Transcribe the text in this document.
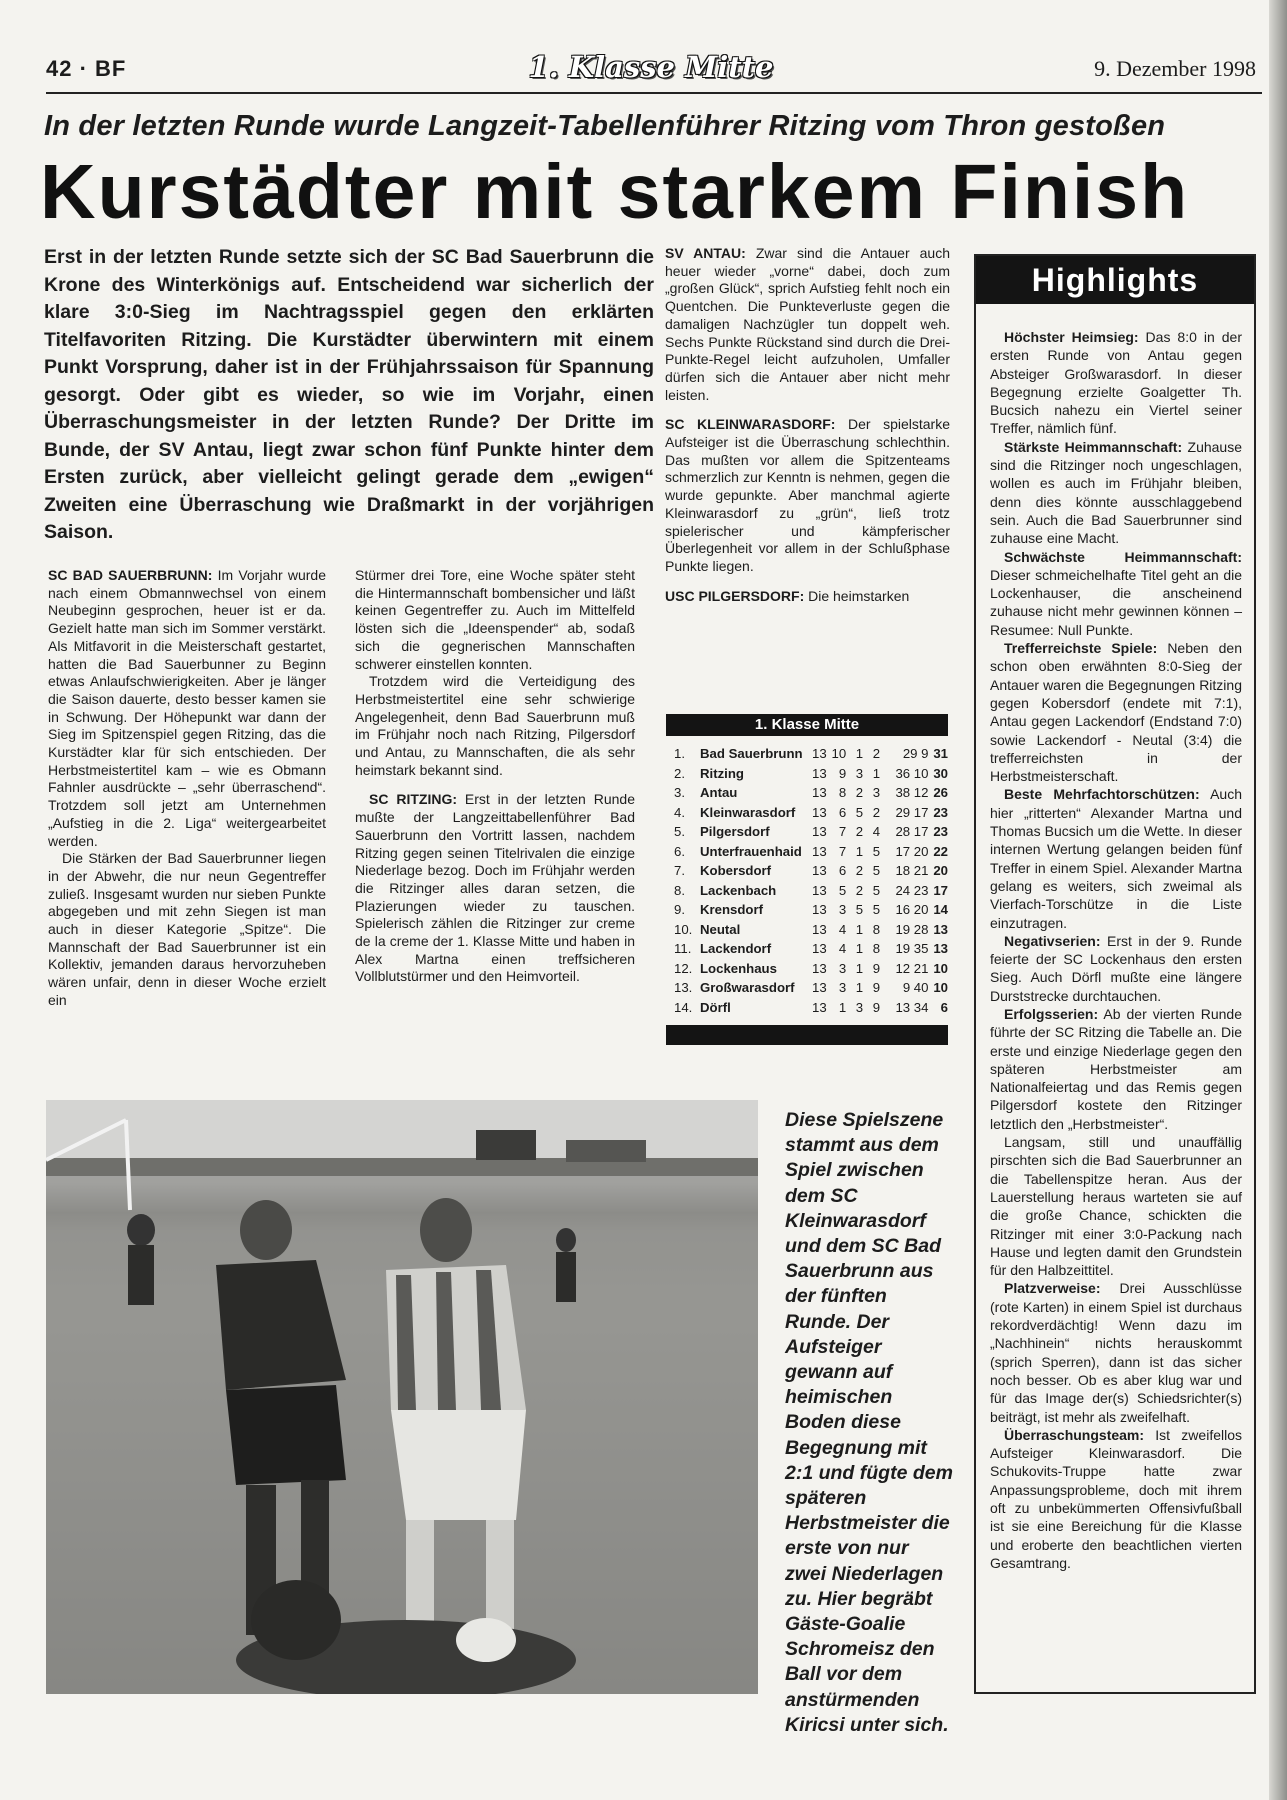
42 · BF	1. Klasse Mitte	9. Dezember 1998
In der letzten Runde wurde Langzeit-Tabellenführer Ritzing vom Thron gestoßen
Kurstädter mit starkem Finish
Erst in der letzten Runde setzte sich der SC Bad Sauerbrunn die Krone des Winterkönigs auf. Entscheidend war sicherlich der klare 3:0-Sieg im Nachtragsspiel gegen den erklärten Titelfavoriten Ritzing. Die Kurstädter überwintern mit einem Punkt Vorsprung, daher ist in der Frühjahrssaison für Spannung gesorgt. Oder gibt es wieder, so wie im Vorjahr, einen Überraschungsmeister in der letzten Runde? Der Dritte im Bunde, der SV Antau, liegt zwar schon fünf Punkte hinter dem Ersten zurück, aber vielleicht gelingt gerade dem „ewigen“ Zweiten eine Überraschung wie Draßmarkt in der vorjährigen Saison.

SC BAD SAUERBRUNN: Im Vorjahr wurde nach einem Obmannwechsel von einem Neubeginn gesprochen, heuer ist er da. Gezielt hatte man sich im Sommer verstärkt. Als Mitfavorit in die Meisterschaft gestartet, hatten die Bad Sauerbunner zu Beginn etwas Anlaufschwierigkeiten. Aber je länger die Saison dauerte, desto besser kamen sie in Schwung. Der Höhepunkt war dann der Sieg im Spitzenspiel gegen Ritzing, das die Kurstädter klar für sich entschieden. Der Herbstmeistertitel kam – wie es Obmann Fahnler ausdrückte – „sehr überraschend“. Trotzdem soll jetzt am Unternehmen „Aufstieg in die 2. Liga“ weitergearbeitet werden.

Die Stärken der Bad Sauerbrunner liegen in der Abwehr, die nur neun Gegentreffer zuließ. Insgesamt wurden nur sieben Punkte abgegeben und mit zehn Siegen ist man auch in dieser Kategorie „Spitze“. Die Mannschaft der Bad Sauerbrunner ist ein Kollektiv, jemanden daraus hervorzuheben wären unfair, denn in dieser Woche erzielt ein

Stürmer drei Tore, eine Woche später steht die Hintermannschaft bombensicher und läßt keinen Gegentreffer zu. Auch im Mittelfeld lösten sich die „Ideenspender“ ab, sodaß sich die gegnerischen Mannschaften schwerer einstellen konnten.

Trotzdem wird die Verteidigung des Herbstmeistertitel eine sehr schwierige Angelegenheit, denn Bad Sauerbrunn muß im Frühjahr noch nach Ritzing, Pilgersdorf und Antau, zu Mannschaften, die als sehr heimstark bekannt sind.

SC RITZING: Erst in der letzten Runde mußte der Langzeittabellenführer Bad Sauerbrunn den Vortritt lassen, nachdem Ritzing gegen seinen Titelrivalen die einzige Niederlage bezog. Doch im Frühjahr werden die Ritzinger alles daran setzen, die Plazierungen wieder zu tauschen. Spielerisch zählen die Ritzinger zur creme de la creme der 1. Klasse Mitte und haben in Alex Martna einen treffsicheren Vollblutstürmer und den Heimvorteil.

SV ANTAU: Zwar sind die Antauer auch heuer wieder „vorne“ dabei, doch zum „großen Glück“, sprich Aufstieg fehlt noch ein Quentchen. Die Punkteverluste gegen die damaligen Nachzügler tun doppelt weh. Sechs Punkte Rückstand sind durch die Drei-Punkte-Regel leicht aufzuholen, Umfaller dürfen sich die Antauer aber nicht mehr leisten.

SC KLEINWARASDORF: Der spielstarke Aufsteiger ist die Überraschung schlechthin. Das mußten vor allem die Spitzenteams schmerzlich zur Kenntn is nehmen, gegen die wurde gepunkte. Aber manchmal agierte Kleinwarasdorf zu „grün“, ließ trotz spielerischer und kämpferischer Überlegenheit vor allem in der Schlußphase Punkte liegen.

USC PILGERSDORF: Die heimstarken

1. Klasse Mitte
1.	Bad Sauerbrunn	13	10	1	2	29 9	31
2.	Ritzing	13	9	3	1	36 10	30
3.	Antau	13	8	2	3	38 12	26
4.	Kleinwarasdorf	13	6	5	2	29 17	23
5.	Pilgersdorf	13	7	2	4	28 17	23
6.	Unterfrauenhaid	13	7	1	5	17 20	22
7.	Kobersdorf	13	6	2	5	18 21	20
8.	Lackenbach	13	5	2	5	24 23	17
9.	Krensdorf	13	3	5	5	16 20	14
10.	Neutal	13	4	1	8	19 28	13
11.	Lackendorf	13	4	1	8	19 35	13
12.	Lockenhaus	13	3	1	9	12 21	10
13.	Großwarasdorf	13	3	1	9	9 40	10
14.	Dörfl	13	1	3	9	13 34	6
Highlights

Höchster Heimsieg: Das 8:0 in der ersten Runde von Antau gegen Absteiger Großwarasdorf. In dieser Begegnung erzielte Goalgetter Th. Bucsich nahezu ein Viertel seiner Treffer, nämlich fünf.

Stärkste Heimmannschaft: Zuhause sind die Ritzinger noch ungeschlagen, wollen es auch im Frühjahr bleiben, denn dies könnte ausschlaggebend sein. Auch die Bad Sauerbrunner sind zuhause eine Macht.

Schwächste Heimmannschaft: Dieser schmeichelhafte Titel geht an die Lockenhauser, die anscheinend zuhause nicht mehr gewinnen können – Resumee: Null Punkte.

Trefferreichste Spiele: Neben den schon oben erwähnten 8:0-Sieg der Antauer waren die Begegnungen Ritzing gegen Kobersdorf (endete mit 7:1), Antau gegen Lackendorf (Endstand 7:0) sowie Lackendorf - Neutal (3:4) die trefferreichsten in der Herbstmeisterschaft.

Beste Mehrfachtorschützen: Auch hier „ritterten“ Alexander Martna und Thomas Bucsich um die Wette. In dieser internen Wertung gelangen beiden fünf Treffer in einem Spiel. Alexander Martna gelang es weiters, sich zweimal als Vierfach-Torschütze in die Liste einzutragen.

Negativserien: Erst in der 9. Runde feierte der SC Lockenhaus den ersten Sieg. Auch Dörfl mußte eine längere Durststrecke durchtauchen.

Erfolgsserien: Ab der vierten Runde führte der SC Ritzing die Tabelle an. Die erste und einzige Niederlage gegen den späteren Herbstmeister am Nationalfeiertag und das Remis gegen Pilgersdorf kostete den Ritzinger letztlich den „Herbstmeister“.

Langsam, still und unauffällig pirschten sich die Bad Sauerbrunner an die Tabellenspitze heran. Aus der Lauerstellung heraus warteten sie auf die große Chance, schickten die Ritzinger mit einer 3:0-Packung nach Hause und legten damit den Grundstein für den Halbzeittitel.

Platzverweise: Drei Ausschlüsse (rote Karten) in einem Spiel ist durchaus rekordverdächtig! Wenn dazu im „Nachhinein“ nichts herauskommt (sprich Sperren), dann ist das sicher noch besser. Ob es aber klug war und für das Image der(s) Schiedsrichter(s) beiträgt, ist mehr als zweifelhaft.

Überraschungsteam: Ist zweifellos Aufsteiger Kleinwarasdorf. Die Schukovits-Truppe hatte zwar Anpassungsprobleme, doch mit ihrem oft zu unbekümmerten Offensivfußball ist sie eine Bereichung für die Klasse und eroberte den beachtlichen vierten Gesamtrang.

Diese Spielszene stammt aus dem Spiel zwischen dem SC Kleinwarasdorf und dem SC Bad Sauerbrunn aus der fünften Runde. Der Aufsteiger gewann auf heimischen Boden diese Begegnung mit 2:1 und fügte dem späteren Herbstmeister die erste von nur zwei Niederlagen zu. Hier begräbt Gäste-Goalie Schromeisz den Ball vor dem anstürmenden Kiricsi unter sich.
